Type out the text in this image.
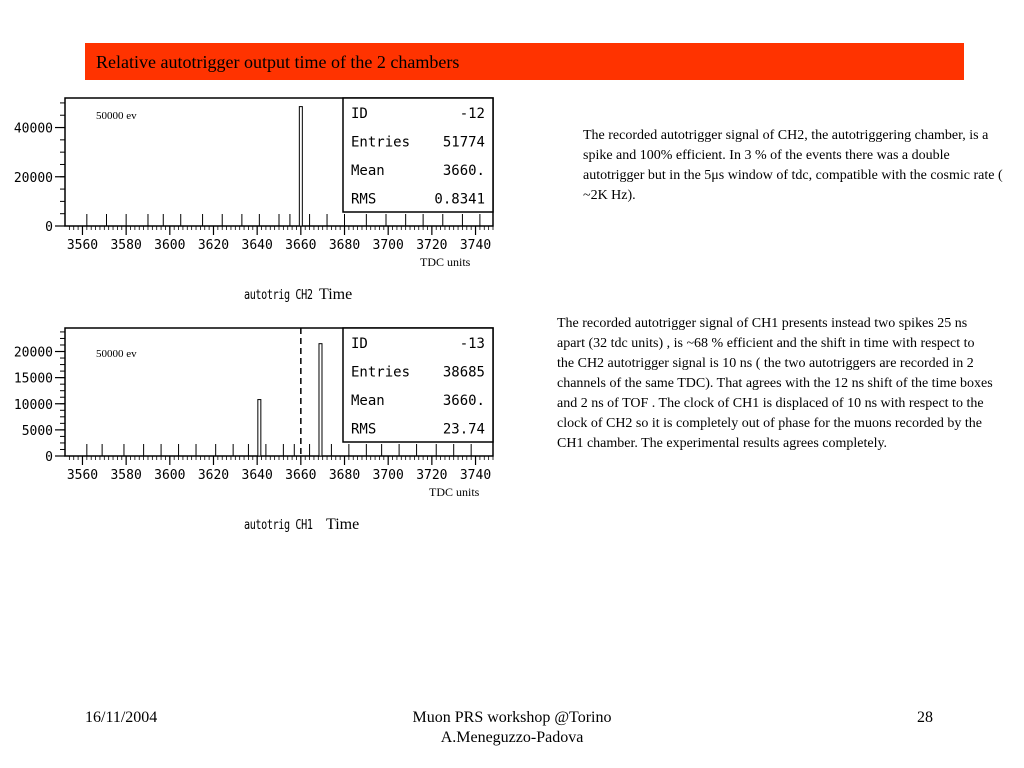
Relative autotrigger output time of the 2 chambers
0
20000
40000
3560 3580 3600 3620 3640 3660 3680 3700 3720 3740
ID	-12
Entries 51774
Mean	3660.
RMS	0.8341
50000 ev
TDC units
autotrig CH2 Time
0
5000
10000
15000
20000
3560 3580 3600 3620 3640 3660 3680 3700 3720 3740
ID	-13
Entries 38685
Mean	3660.
RMS	23.74
50000 ev
TDC units
autotrig CH1 Time
The recorded autotrigger signal of CH2, the autotriggering chamber, is a spike and 100% efficient. In 3 % of the events there was a double autotrigger but in the 5μs window of tdc, compatible with the cosmic rate ( ~2K Hz).
The recorded autotrigger signal of CH1 presents instead two spikes 25 ns apart (32 tdc units) , is ~68 % efficient and the shift in time with respect to the CH2 autotrigger signal is 10 ns ( the two autotriggers are recorded in 2 channels of the same TDC). That agrees with the 12 ns shift of the time boxes and 2 ns of TOF . The clock of CH1 is displaced of 10 ns with respect to the clock of CH2 so it is completely out of phase for the muons recorded by the CH1 chamber. The experimental results agrees completely.
16/11/2004	Muon PRS workshop @Torino
A.Meneguzzo-Padova
28
